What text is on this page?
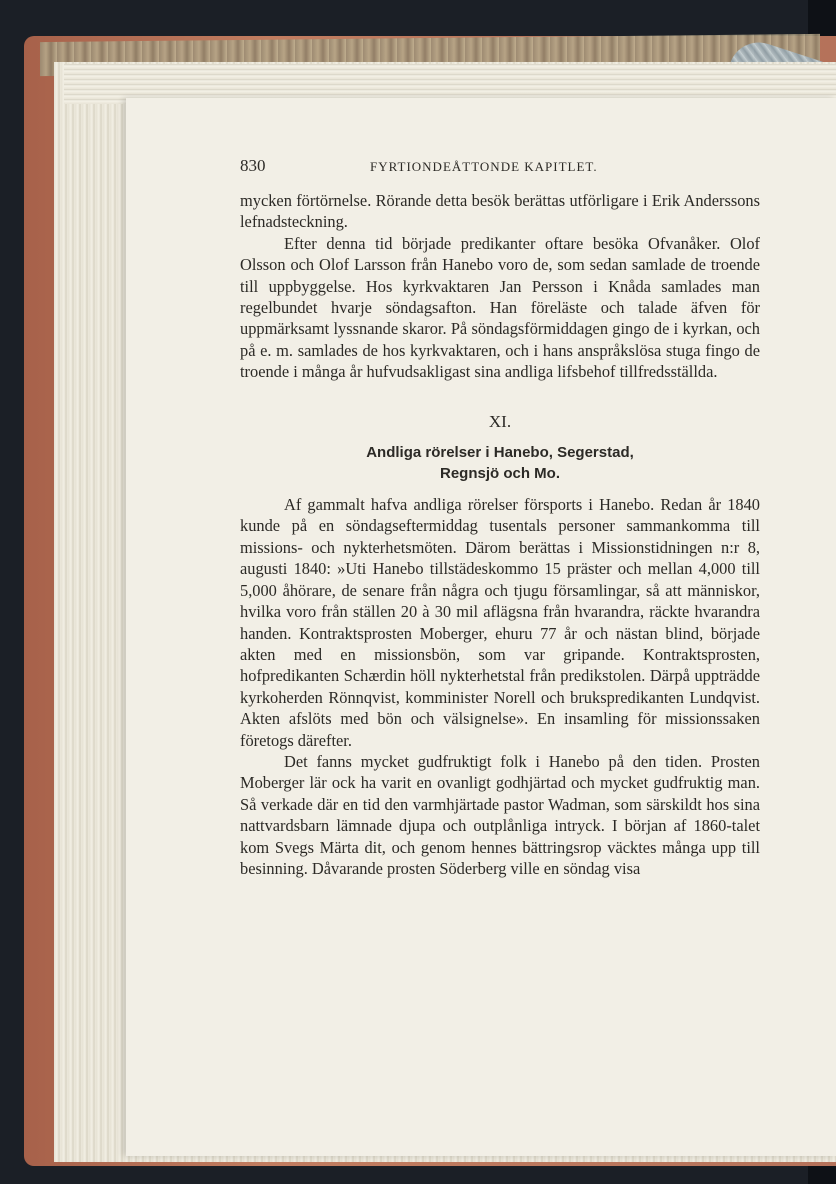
830	FYRTIONDEÅTTONDE KAPITLET.

mycken förtörnelse. Rörande detta besök berättas utförligare i Erik Anderssons lefnadsteckning.

Efter denna tid började predikanter oftare besöka Ofvanåker. Olof Olsson och Olof Larsson från Hanebo voro de, som sedan samlade de troende till uppbyggelse. Hos kyrkvaktaren Jan Persson i Knåda samlades man regelbundet hvarje söndagsafton. Han föreläste och talade äfven för uppmärksamt lyssnande skaror. På söndagsförmiddagen gingo de i kyrkan, och på e. m. samlades de hos kyrkvaktaren, och i hans anspråkslösa stuga fingo de troende i många år hufvudsakligast sina andliga lifsbehof tillfredsställda.

XI.

Andliga rörelser i Hanebo, Segerstad,
Regnsjö och Mo.

Af gammalt hafva andliga rörelser försports i Hanebo. Redan år 1840 kunde på en söndagseftermiddag tusentals personer sammankomma till missions- och nykterhetsmöten. Därom berättas i Missionstidningen n:r 8, augusti 1840: »Uti Hanebo tillstädeskommo 15 präster och mellan 4,000 till 5,000 åhörare, de senare från några och tjugu församlingar, så att människor, hvilka voro från ställen 20 à 30 mil aflägsna från hvarandra, räckte hvarandra handen. Kontraktsprosten Moberger, ehuru 77 år och nästan blind, började akten med en missionsbön, som var gripande. Kontraktsprosten, hofpredikanten Schærdin höll nykterhetstal från predikstolen. Därpå uppträdde kyrkoherden Rönnqvist, komminister Norell och brukspredikanten Lundqvist. Akten afslöts med bön och välsignelse». En insamling för missionssaken företogs därefter.

Det fanns mycket gudfruktigt folk i Hanebo på den tiden. Prosten Moberger lär ock ha varit en ovanligt godhjärtad och mycket gudfruktig man. Så verkade där en tid den varmhjärtade pastor Wadman, som särskildt hos sina nattvardsbarn lämnade djupa och outplånliga intryck. I början af 1860-talet kom Svegs Märta dit, och genom hennes bättringsrop väcktes många upp till besinning. Dåvarande prosten Söderberg ville en söndag visa
